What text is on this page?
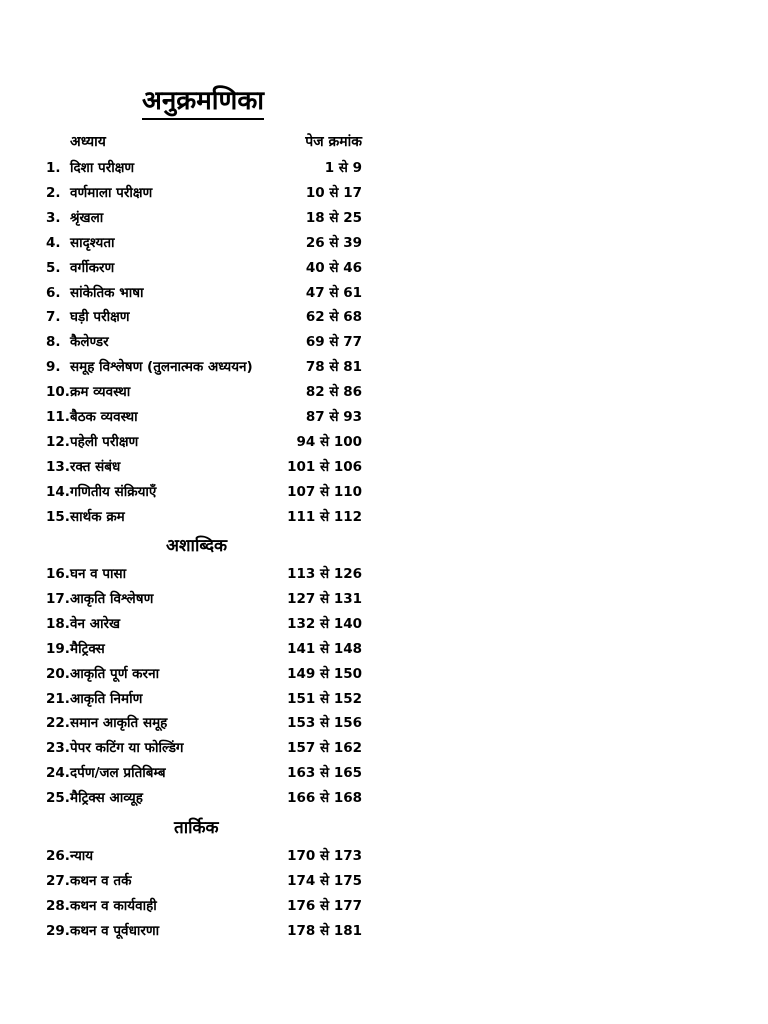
अनुक्रमणिका
अध्याय	पेज क्रमांक
1. दिशा परीक्षण	1 से 9
2. वर्णमाला परीक्षण	10 से 17
3. श्रृंखला	18 से 25
4. सादृश्यता	26 से 39
5. वर्गीकरण	40 से 46
6. सांकेतिक भाषा	47 से 61
7. घड़ी परीक्षण	62 से 68
8. कैलेण्डर	69 से 77
9. समूह विश्लेषण (तुलनात्मक अध्ययन)	78 से 81
10. क्रम व्यवस्था	82 से 86
11. बैठक व्यवस्था	87 से 93
12. पहेली परीक्षण	94 से 100
13. रक्त संबंध	101 से 106
14. गणितीय संक्रियाएँ	107 से 110
15. सार्थक क्रम	111 से 112
अशाब्दिक
16. घन व पासा	113 से 126
17. आकृति विश्लेषण	127 से 131
18. वेन आरेख	132 से 140
19. मैट्रिक्स	141 से 148
20. आकृति पूर्ण करना	149 से 150
21. आकृति निर्माण	151 से 152
22. समान आकृति समूह	153 से 156
23. पेपर कटिंग या फोल्डिंग	157 से 162
24. दर्पण/जल प्रतिबिम्ब	163 से 165
25. मैट्रिक्स आव्यूह	166 से 168
तार्किक
26. न्याय	170 से 173
27. कथन व तर्क	174 से 175
28. कथन व कार्यवाही	176 से 177
29. कथन व पूर्वधारणा	178 से 181
